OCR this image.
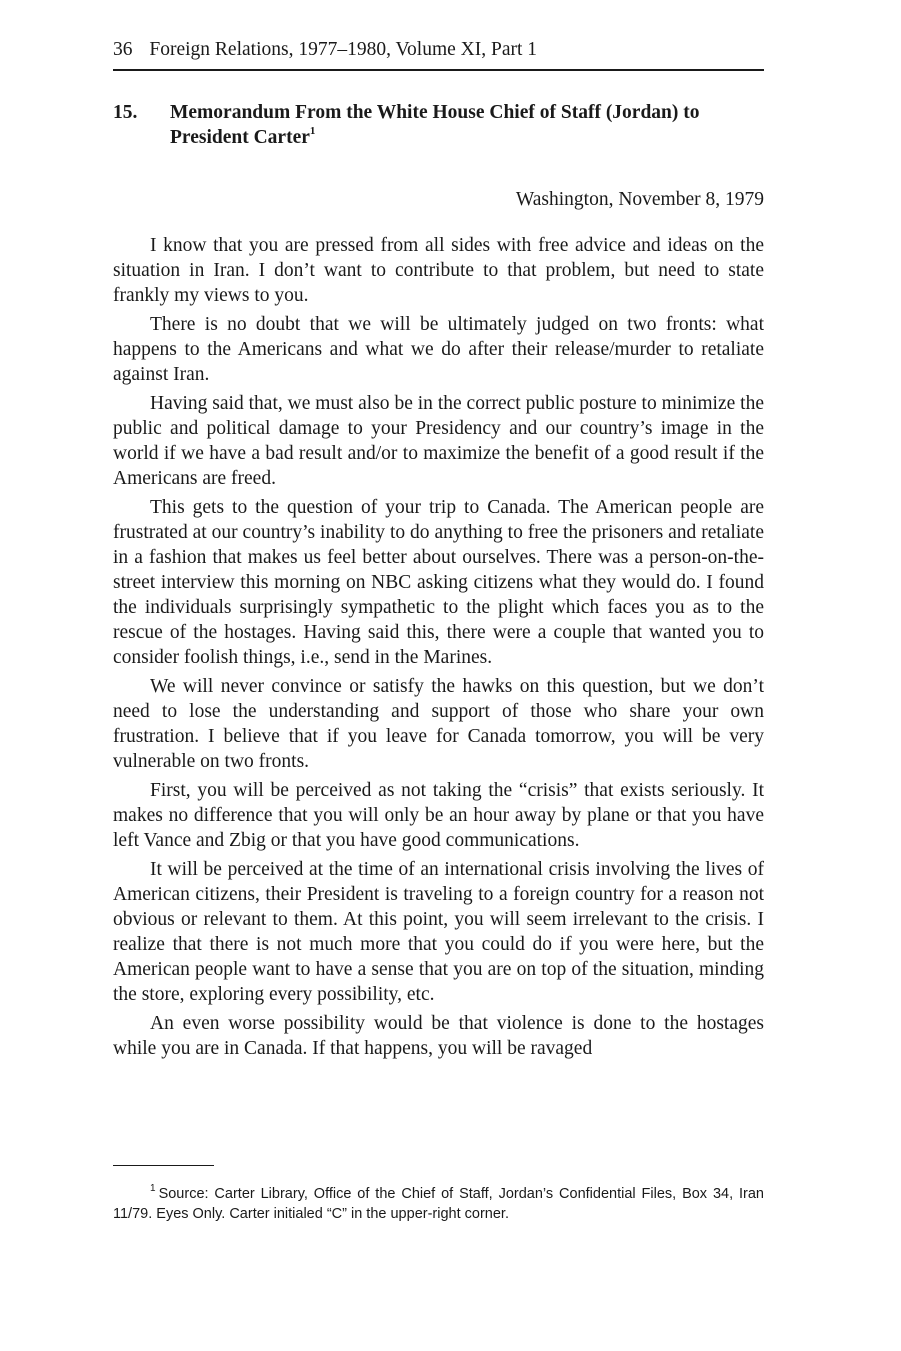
36 Foreign Relations, 1977–1980, Volume XI, Part 1
15. Memorandum From the White House Chief of Staff (Jordan) to President Carter$^1$
Washington, November 8, 1979

I know that you are pressed from all sides with free advice and ideas on the situation in Iran. I don’t want to contribute to that problem, but need to state frankly my views to you.

There is no doubt that we will be ultimately judged on two fronts: what happens to the Americans and what we do after their release/​murder to retaliate against Iran.

Having said that, we must also be in the correct public posture to minimize the public and political damage to your Presidency and our country’s image in the world if we have a bad result and/or to maximize the benefit of a good result if the Americans are freed.

This gets to the question of your trip to Canada. The American people are frustrated at our country’s inability to do anything to free the prisoners and retaliate in a fashion that makes us feel better about ourselves. There was a person-on-the-street interview this morning on NBC asking citizens what they would do. I found the individuals surprisingly sympathetic to the plight which faces you as to the rescue of the hostages. Having said this, there were a couple that wanted you to consider foolish things, i.e., send in the Marines.

We will never convince or satisfy the hawks on this question, but we don’t need to lose the understanding and support of those who share your own frustration. I believe that if you leave for Canada tomorrow, you will be very vulnerable on two fronts.

First, you will be perceived as not taking the “crisis” that exists seriously. It makes no difference that you will only be an hour away by plane or that you have left Vance and Zbig or that you have good communications.

It will be perceived at the time of an international crisis involving the lives of American citizens, their President is traveling to a foreign country for a reason not obvious or relevant to them. At this point, you will seem irrelevant to the crisis. I realize that there is not much more that you could do if you were here, but the American people want to have a sense that you are on top of the situation, minding the store, exploring every possibility, etc.

An even worse possibility would be that violence is done to the hostages while you are in Canada. If that happens, you will be ravaged

$^1$ Source: Carter Library, Office of the Chief of Staff, Jordan’s Confidential Files, Box 34, Iran 11/79. Eyes Only. Carter initialed “C” in the upper-right corner.
